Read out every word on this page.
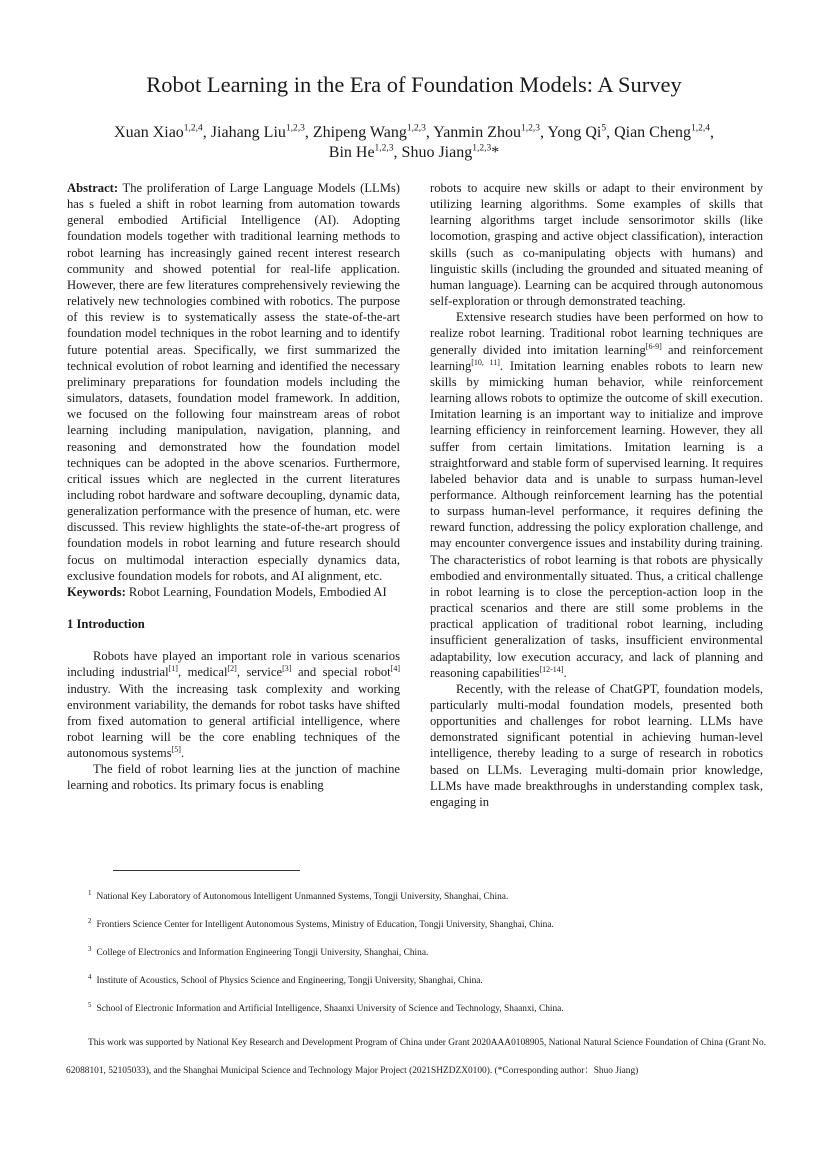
Robot Learning in the Era of Foundation Models: A Survey
Xuan Xiao$^{1,2,4}$, Jiahang Liu$^{1,2,3}$, Zhipeng Wang$^{1,2,3}$, Yanmin Zhou$^{1,2,3}$, Yong Qi$^5$, Qian Cheng$^{1,2,4}$,
Bin He$^{1,2,3}$, Shuo Jiang$^{1,2,3}$*

Abstract: The proliferation of Large Language Models (LLMs) has s fueled a shift in robot learning from automation towards general embodied Artificial Intelligence (AI). Adopting foundation models together with traditional learning methods to robot learning has increasingly gained recent interest research community and showed potential for real-life application. However, there are few literatures comprehensively reviewing the relatively new technologies combined with robotics. The purpose of this review is to systematically assess the state-of-the-art foundation model techniques in the robot learning and to identify future potential areas. Specifically, we first summarized the technical evolution of robot learning and identified the necessary preliminary preparations for foundation models including the simulators, datasets, foundation model framework. In addition, we focused on the following four mainstream areas of robot learning including manipulation, navigation, planning, and reasoning and demonstrated how the foundation model techniques can be adopted in the above scenarios. Furthermore, critical issues which are neglected in the current literatures including robot hardware and software decoupling, dynamic data, generalization performance with the presence of human, etc. were discussed. This review highlights the state-of-the-art progress of foundation models in robot learning and future research should focus on multimodal interaction especially dynamics data, exclusive foundation models for robots, and AI alignment, etc.

Keywords: Robot Learning, Foundation Models, Embodied AI

1 Introduction

Robots have played an important role in various scenarios including industrial[1], medical[2], service[3] and special robot[4] industry. With the increasing task complexity and working environment variability, the demands for robot tasks have shifted from fixed automation to general artificial intelligence, where robot learning will be the core enabling techniques of the autonomous systems[5].

The field of robot learning lies at the junction of machine learning and robotics. Its primary focus is enabling

robots to acquire new skills or adapt to their environment by utilizing learning algorithms. Some examples of skills that learning algorithms target include sensorimotor skills (like locomotion, grasping and active object classification), interaction skills (such as co-manipulating objects with humans) and linguistic skills (including the grounded and situated meaning of human language). Learning can be acquired through autonomous self-exploration or through demonstrated teaching.

Extensive research studies have been performed on how to realize robot learning. Traditional robot learning techniques are generally divided into imitation learning[6-9] and reinforcement learning[10, 11]. Imitation learning enables robots to learn new skills by mimicking human behavior, while reinforcement learning allows robots to optimize the outcome of skill execution. Imitation learning is an important way to initialize and improve learning efficiency in reinforcement learning. However, they all suffer from certain limitations. Imitation learning is a straightforward and stable form of supervised learning. It requires labeled behavior data and is unable to surpass human-level performance. Although reinforcement learning has the potential to surpass human-level performance, it requires defining the reward function, addressing the policy exploration challenge, and may encounter convergence issues and instability during training. The characteristics of robot learning is that robots are physically embodied and environmentally situated. Thus, a critical challenge in robot learning is to close the perception-action loop in the practical scenarios and there are still some problems in the practical application of traditional robot learning, including insufficient generalization of tasks, insufficient environmental adaptability, low execution accuracy, and lack of planning and reasoning capabilities[12-14].

Recently, with the release of ChatGPT, foundation models, particularly multi-modal foundation models, presented both opportunities and challenges for robot learning. LLMs have demonstrated significant potential in achieving human-level intelligence, thereby leading to a surge of research in robotics based on LLMs. Leveraging multi-domain prior knowledge, LLMs have made breakthroughs in understanding complex task, engaging in

$^1$ National Key Laboratory of Autonomous Intelligent Unmanned Systems, Tongji University, Shanghai, China.

$^2$ Frontiers Science Center for Intelligent Autonomous Systems, Ministry of Education, Tongji University, Shanghai, China.

$^3$ College of Electronics and Information Engineering Tongji University, Shanghai, China.

$^4$ Institute of Acoustics, School of Physics Science and Engineering, Tongji University, Shanghai, China.

$^5$ School of Electronic Information and Artificial Intelligence, Shaanxi University of Science and Technology, Shaanxi, China.

This work was supported by National Key Research and Development Program of China under Grant 2020AAA0108905, National Natural Science Foundation of China (Grant No. 62088101, 52105033), and the Shanghai Municipal Science and Technology Major Project (2021SHZDZX0100). (*Corresponding author：Shuo Jiang)
